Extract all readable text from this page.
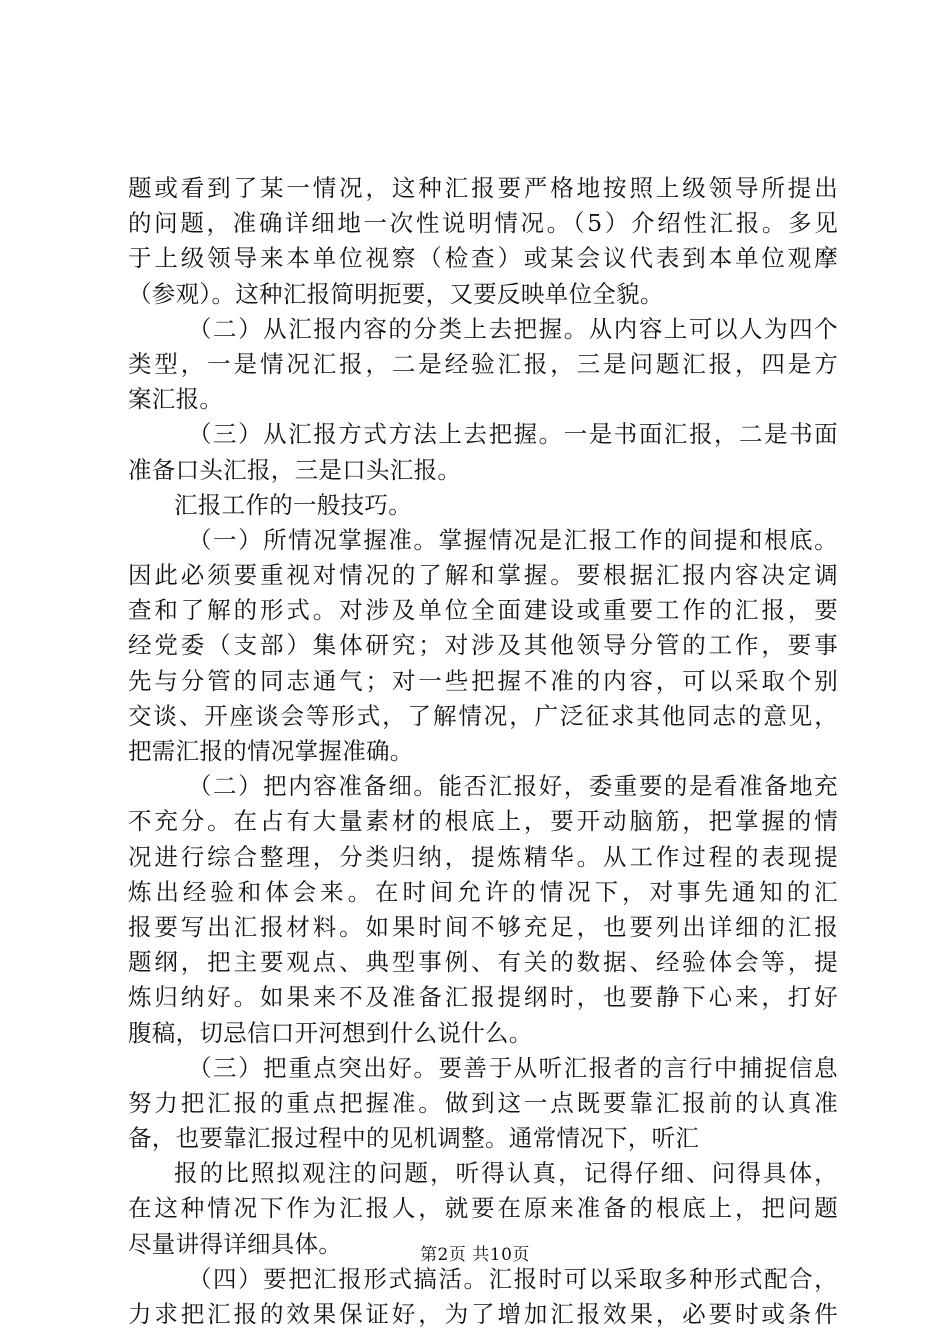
题或看到了某一情况，这种汇报要严格地按照上级领导所提出
的问题，准确详细地一次性说明情况。（5）介绍性汇报。多见
于上级领导来本单位视察（检查）或某会议代表到本单位观摩
（参观）。这种汇报简明扼要，又要反映单位全貌。
（二）从汇报内容的分类上去把握。从内容上可以人为四个
类型，一是情况汇报，二是经验汇报，三是问题汇报，四是方
案汇报。
（三）从汇报方式方法上去把握。一是书面汇报，二是书面
准备口头汇报，三是口头汇报。
汇报工作的一般技巧。
（一）所情况掌握准。掌握情况是汇报工作的间提和根底。
因此必须要重视对情况的了解和掌握。要根据汇报内容决定调
查和了解的形式。对涉及单位全面建设或重要工作的汇报，要
经党委（支部）集体研究；对涉及其他领导分管的工作，要事
先与分管的同志通气；对一些把握不准的内容，可以采取个别
交谈、开座谈会等形式，了解情况，广泛征求其他同志的意见，
把需汇报的情况掌握准确。
（二）把内容准备细。能否汇报好，委重要的是看准备地充
不充分。在占有大量素材的根底上，要开动脑筋，把掌握的情
况进行综合整理，分类归纳，提炼精华。从工作过程的表现提
炼出经验和体会来。在时间允许的情况下，对事先通知的汇
报要写出汇报材料。如果时间不够充足，也要列出详细的汇报
题纲，把主要观点、典型事例、有关的数据、经验体会等，提
炼归纳好。如果来不及准备汇报提纲时，也要静下心来，打好
腹稿，切忌信口开河想到什么说什么。
（三）把重点突出好。要善于从听汇报者的言行中捕捉信息
努力把汇报的重点把握准。做到这一点既要靠汇报前的认真准
备，也要靠汇报过程中的见机调整。通常情况下，听汇
报的比照拟观注的问题，听得认真，记得仔细、问得具体，
在这种情况下作为汇报人，就要在原来准备的根底上，把问题
尽量讲得详细具体。
（四）要把汇报形式搞活。汇报时可以采取多种形式配合，
力求把汇报的效果保证好，为了增加汇报效果，必要时或条件
第2页 共10页
